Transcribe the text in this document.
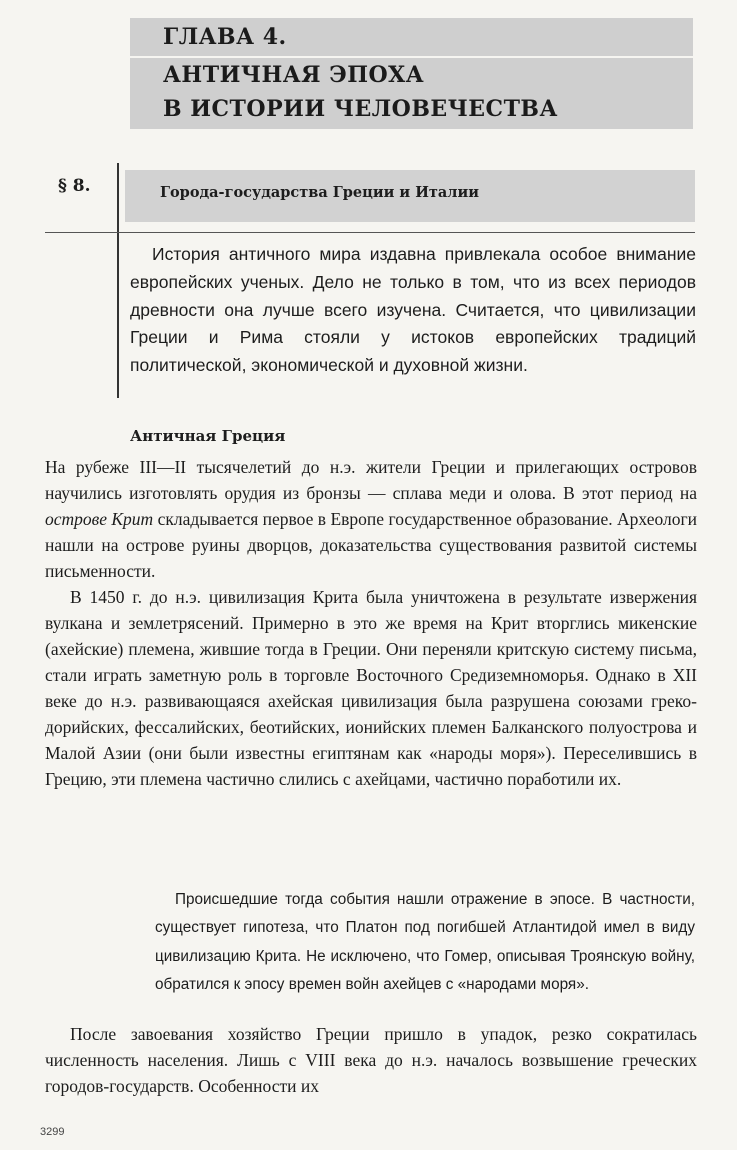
ГЛАВА 4.
АНТИЧНАЯ ЭПОХА
В ИСТОРИИ ЧЕЛОВЕЧЕСТВА
§ 8.	Города-государства Греции и Италии

История античного мира издавна привлекала особое внимание европейских ученых. Дело не только в том, что из всех периодов древности она лучше всего изучена. Считается, что цивилизации Греции и Рима стояли у истоков европейских традиций политической, экономической и духовной жизни.

Античная Греция

На рубеже III—II тысячелетий до н.э. жители Греции и прилегающих островов научились изготовлять орудия из бронзы — сплава меди и олова. В этот период на острове Крит складывается первое в Европе государственное образование. Археологи нашли на острове руины дворцов, доказательства существования развитой системы письменности.

В 1450 г. до н.э. цивилизация Крита была уничтожена в результате извержения вулкана и землетрясений. Примерно в это же время на Крит вторглись микенские (ахейские) племена, жившие тогда в Греции. Они переняли критскую систему письма, стали играть заметную роль в торговле Восточного Средиземноморья. Однако в XII веке до н.э. развивающаяся ахейская цивилизация была разрушена союзами греко-дорийских, фессалийских, беотийских, ионийских племен Балканского полуострова и Малой Азии (они были известны египтянам как «народы моря»). Переселившись в Грецию, эти племена частично слились с ахейцами, частично поработили их.

Происшедшие тогда события нашли отражение в эпосе. В частности, существует гипотеза, что Платон под погибшей Атлантидой имел в виду цивилизацию Крита. Не исключено, что Гомер, описывая Троянскую войну, обратился к эпосу времен войн ахейцев с «народами моря».

После завоевания хозяйство Греции пришло в упадок, резко сократилась численность населения. Лишь с VIII века до н.э. началось возвышение греческих городов-государств. Особенности их

3299
